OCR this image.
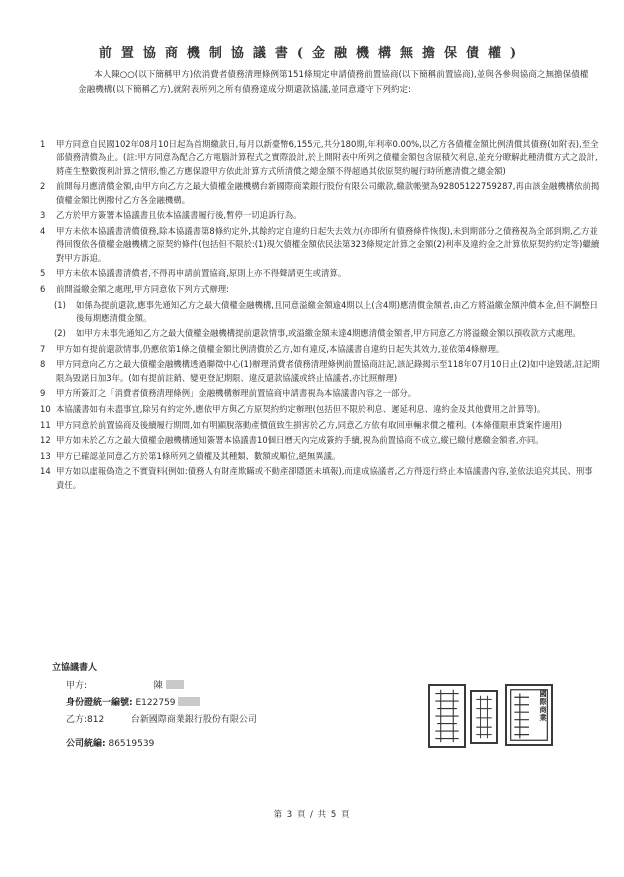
前置協商機制協議書(金融機構無擔保債權)

本人陳○○(以下簡稱甲方)依消費者債務清理條例第151條規定申請債務前置協商(以下簡稱前置協商),並與各參與協商之無擔保債權金融機構(以下簡稱乙方),就附表所列之所有債務達成分期還款協議,並同意遵守下列約定:

1	甲方同意自民國102年08月10日起為首期繳款日,每月以新臺幣6,155元,共分180期,年利率0.00%,以乙方各債權金額比例清償其債務(如附表),至全部債務清償為止。(註:甲方同意為配合乙方電腦計算程式之實際設計,於上開附表中所列之債權金額包含原積欠利息,並充分瞭解此種清償方式之設計,將產生整數復利計算之情形,惟乙方應保證甲方依此計算方式所清償之總金額不得超過其依原契約履行時所應清償之總金額)
2	前開每月應清償金額,由甲方向乙方之最大債權金融機構台新國際商業銀行股份有限公司繳款,繳款帳號為92805122759287,再由該金融機構依前揭債權金額比例撥付乙方各金融機構。
3	乙方於甲方簽署本協議書且依本協議書履行後,暫停一切追訴行為。
4	甲方未依本協議書清償債務,除本協議書第8條約定外,其餘約定自違約日起失去效力(亦即所有債務條件恢復),未到期部分之債務視為全部到期,乙方並得回復依各債權金融機構之原契約條件(包括但不限於:(1)現欠債權金額依民法第323條規定計算之金額(2)利率及違約金之計算依原契約約定等)繼續對甲方訴追。
5	甲方未依本協議書清償者,不得再申請前置協商,原則上亦不得聲請更生或清算。
6	前開溢繳金額之處理,甲方同意依下列方式辦理:
(1)	如係為提前還款,應事先通知乙方之最大債權金融機構,且同意溢繳金額逾4期以上(含4期)應清償金額者,由乙方將溢繳金額沖償本金,但不調整日後每期應清償金額。
(2)	如甲方未事先通知乙方之最大債權金融機構提前還款情事,或溢繳金額未達4期應清償金額者,甲方同意乙方將溢繳金額以預收款方式處理。
7	甲方如有提前還款情事,仍應依第1條之債權金額比例清償於乙方,如有違反,本協議書自違約日起失其效力,並依第4條辦理。
8	甲方同意向乙方之最大債權金融機構透過聯徵中心(1)辦理消費者債務清理條例前置協商註記,該記錄揭示至118年07月10日止(2)如中途毀諾,註記期限為毀諾日加3年。(如有提前註銷、變更登記期限、違反還款協議或終止協議者,亦比照辦理)
9	甲方所簽訂之「消費者債務清理條例」金融機構辦理前置協商申請書視為本協議書內容之一部分。
10 本協議書如有未盡事宜,除另有約定外,應依甲方與乙方原契約約定辦理(包括但不限於利息、遲延利息、違約金及其他費用之計算等)。
11 甲方同意於前置協商及後續履行期間,如有明顯脫落動產價值致生損害於乙方,同意乙方依有取回車輛求償之權利。(本條僅限車貸案件適用)
12 甲方如未於乙方之最大債權金融機構通知簽署本協議書10個日曆天內完成簽約手續,視為前置協商不成立,縱已繳付應繳金額者,亦同。
13 甲方已確認並同意乙方於第1條所列之債權及其種類、數額或順位,絕無異議。
14 甲方如以虛報偽造之不實資料(例如:債務人有財產欺瞞或不動產卻隱匿未填報),而達成協議者,乙方得逕行終止本協議書內容,並依法追究其民、刑事責任。
立協議書人
甲方:	陳
身份證統一編號: E122759
乙方:812	台新國際商業銀行股份有限公司
公司統編: 86519539
國際商業
第 3 頁 / 共 5 頁
